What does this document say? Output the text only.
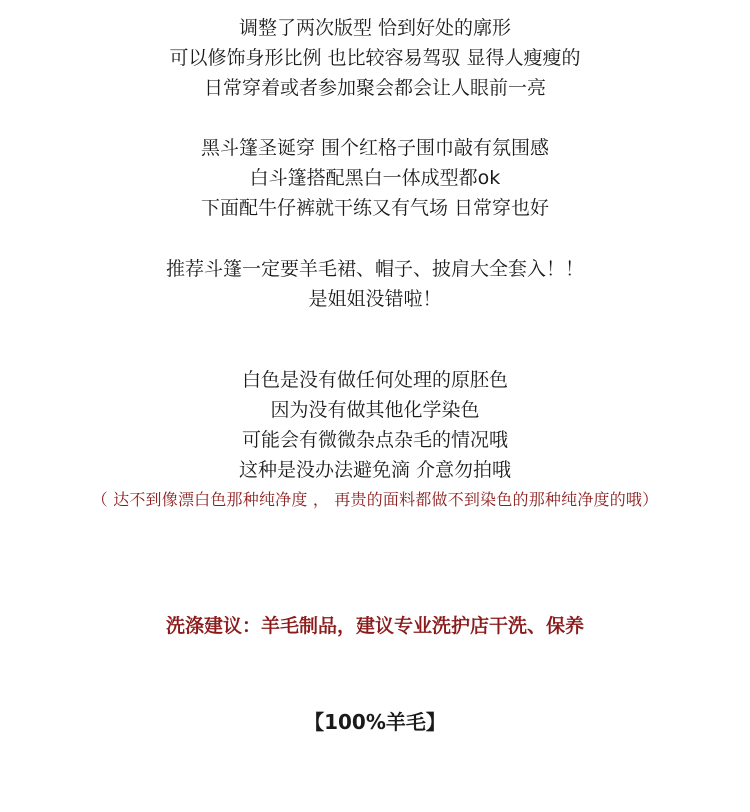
调整了两次版型 恰到好处的廓形
可以修饰身形比例 也比较容易驾驭 显得人瘦瘦的
日常穿着或者参加聚会都会让人眼前一亮
黑斗篷圣诞穿 围个红格子围巾敲有氛围感
白斗篷搭配黑白一体成型都ok
下面配牛仔裤就干练又有气场 日常穿也好
推荐斗篷一定要羊毛裙、帽子、披肩大全套入！！
是姐姐没错啦！
白色是没有做任何处理的原胚色
因为没有做其他化学染色
可能会有微微杂点杂毛的情况哦
这种是没办法避免滴 介意勿拍哦
（ 达不到像漂白色那种纯净度 ， 再贵的面料都做不到染色的那种纯净度的哦）
洗涤建议：羊毛制品，建议专业洗护店干洗、保养
【100%羊毛】
